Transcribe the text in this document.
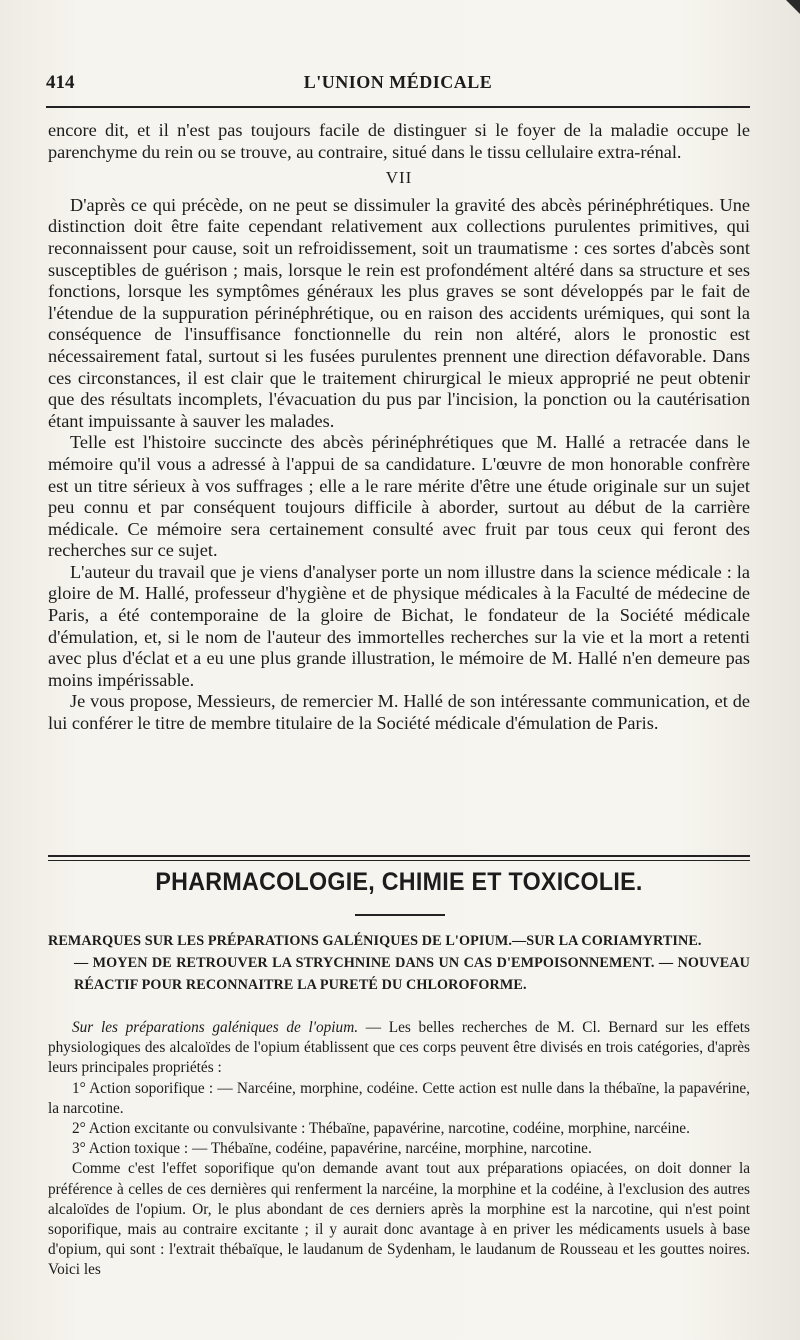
414	L'UNION MÉDICALE

encore dit, et il n'est pas toujours facile de distinguer si le foyer de la maladie occupe le parenchyme du rein ou se trouve, au contraire, situé dans le tissu cellulaire extra-rénal.

VII

D'après ce qui précède, on ne peut se dissimuler la gravité des abcès périnéphrétiques. Une distinction doit être faite cependant relativement aux collections purulentes primitives, qui reconnaissent pour cause, soit un refroidissement, soit un traumatisme : ces sortes d'abcès sont susceptibles de guérison ; mais, lorsque le rein est profondément altéré dans sa structure et ses fonctions, lorsque les symptômes généraux les plus graves se sont développés par le fait de l'étendue de la suppuration périnéphrétique, ou en raison des accidents urémiques, qui sont la conséquence de l'insuffisance fonctionnelle du rein non altéré, alors le pronostic est nécessairement fatal, surtout si les fusées purulentes prennent une direction défavorable. Dans ces circonstances, il est clair que le traitement chirurgical le mieux approprié ne peut obtenir que des résultats incomplets, l'évacuation du pus par l'incision, la ponction ou la cautérisation étant impuissante à sauver les malades.

Telle est l'histoire succincte des abcès périnéphrétiques que M. Hallé a retracée dans le mémoire qu'il vous a adressé à l'appui de sa candidature. L'œuvre de mon honorable confrère est un titre sérieux à vos suffrages ; elle a le rare mérite d'être une étude originale sur un sujet peu connu et par conséquent toujours difficile à aborder, surtout au début de la carrière médicale. Ce mémoire sera certainement consulté avec fruit par tous ceux qui feront des recherches sur ce sujet.

L'auteur du travail que je viens d'analyser porte un nom illustre dans la science médicale : la gloire de M. Hallé, professeur d'hygiène et de physique médicales à la Faculté de médecine de Paris, a été contemporaine de la gloire de Bichat, le fondateur de la Société médicale d'émulation, et, si le nom de l'auteur des immortelles recherches sur la vie et la mort a retenti avec plus d'éclat et a eu une plus grande illustration, le mémoire de M. Hallé n'en demeure pas moins impérissable.

Je vous propose, Messieurs, de remercier M. Hallé de son intéressante communication, et de lui conférer le titre de membre titulaire de la Société médicale d'émulation de Paris.

PHARMACOLOGIE, CHIMIE ET TOXICOLIE.
REMARQUES SUR LES PRÉPARATIONS GALÉNIQUES DE L'OPIUM.—SUR LA CORIAMYRTINE.
— MOYEN DE RETROUVER LA STRYCHNINE DANS UN CAS D'EMPOISONNEMENT. — NOUVEAU RÉACTIF POUR RECONNAITRE LA PURETÉ DU CHLOROFORME.

Sur les préparations galéniques de l'opium. — Les belles recherches de M. Cl. Bernard sur les effets physiologiques des alcaloïdes de l'opium établissent que ces corps peuvent être divisés en trois catégories, d'après leurs principales propriétés :

1° Action soporifique : — Narcéine, morphine, codéine. Cette action est nulle dans la thébaïne, la papavérine, la narcotine.

2° Action excitante ou convulsivante : Thébaïne, papavérine, narcotine, codéine, morphine, narcéine.

3° Action toxique : — Thébaïne, codéine, papavérine, narcéine, morphine, narcotine.

Comme c'est l'effet soporifique qu'on demande avant tout aux préparations opiacées, on doit donner la préférence à celles de ces dernières qui renferment la narcéine, la morphine et la codéine, à l'exclusion des autres alcaloïdes de l'opium. Or, le plus abondant de ces derniers après la morphine est la narcotine, qui n'est point soporifique, mais au contraire excitante ; il y aurait donc avantage à en priver les médicaments usuels à base d'opium, qui sont : l'extrait thébaïque, le laudanum de Sydenham, le laudanum de Rousseau et les gouttes noires. Voici les
